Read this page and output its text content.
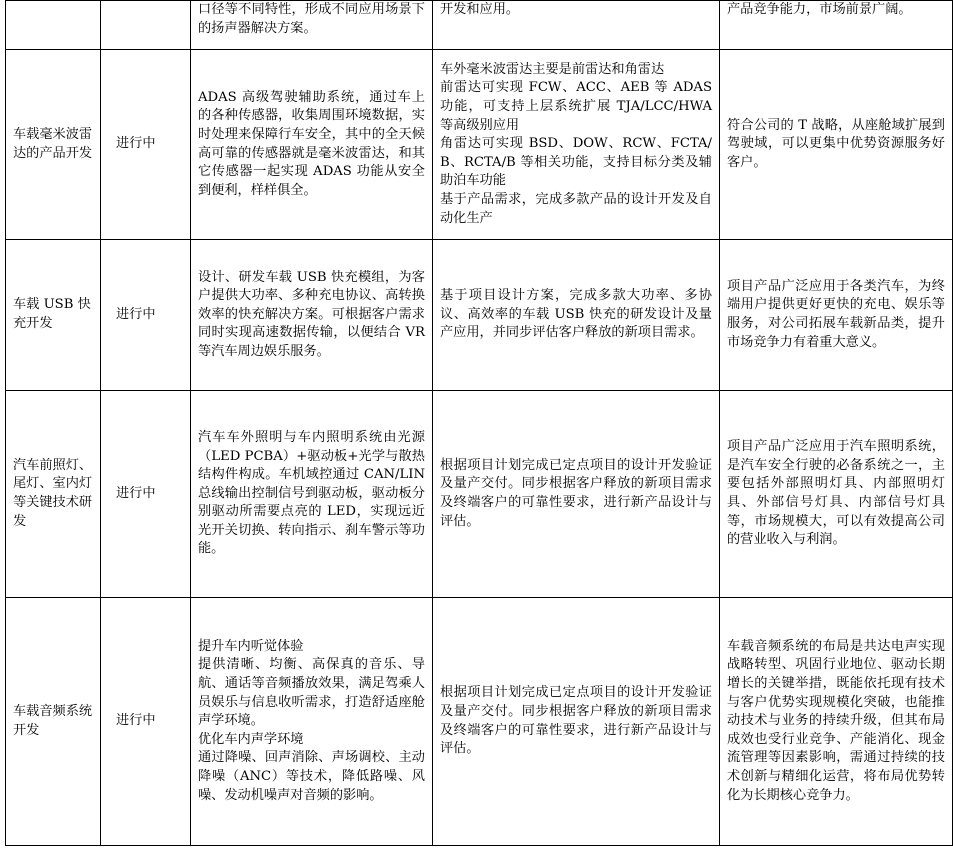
		口径等不同特性，形成不同应用场景下的扬声器解决方案。	开发和应用。	产品竞争能力，市场前景广阔。

车载毫米波雷达的产品开发	进行中	ADAS 高级驾驶辅助系统，通过车上的各种传感器，收集周围环境数据，实时处理来保障行车安全，其中的全天候高可靠的传感器就是毫米波雷达，和其它传感器一起实现 ADAS 功能从安全到便利，样样俱全。	车外毫米波雷达主要是前雷达和角雷达
前雷达可实现 FCW、ACC、AEB 等 ADAS 功能，可支持上层系统扩展 TJA/LCC/HWA 等高级别应用
角雷达可实现 BSD、DOW、RCW、FCTA/B、RCTA/B 等相关功能，支持目标分类及辅助泊车功能
基于产品需求，完成多款产品的设计开发及自动化生产	符合公司的 T 战略，从座舱域扩展到驾驶域，可以更集中优势资源服务好客户。

车载 USB 快充开发	进行中	设计、研发车载 USB 快充模组，为客户提供大功率、多种充电协议、高转换效率的快充解决方案。可根据客户需求同时实现高速数据传输，以便结合 VR 等汽车周边娱乐服务。	基于项目设计方案，完成多款大功率、多协议、高效率的车载 USB 快充的研发设计及量产应用，并同步评估客户释放的新项目需求。	项目产品广泛应用于各类汽车，为终端用户提供更好更快的充电、娱乐等服务，对公司拓展车载新品类，提升市场竞争力有着重大意义。

汽车前照灯、尾灯、室内灯等关键技术研发	进行中	汽车车外照明与车内照明系统由光源（LED PCBA）+驱动板+光学与散热结构件构成。车机域控通过 CAN/LIN 总线输出控制信号到驱动板，驱动板分别驱动所需要点亮的 LED，实现远近光开关切换、转向指示、刹车警示等功能。	根据项目计划完成已定点项目的设计开发验证及量产交付。同步根据客户释放的新项目需求及终端客户的可靠性要求，进行新产品设计与评估。	项目产品广泛应用于汽车照明系统，是汽车安全行驶的必备系统之一，主要包括外部照明灯具、内部照明灯具、外部信号灯具、内部信号灯具等，市场规模大，可以有效提高公司的营业收入与利润。

车载音频系统开发	进行中	提升车内听觉体验
提供清晰、均衡、高保真的音乐、导航、通话等音频播放效果，满足驾乘人员娱乐与信息收听需求，打造舒适座舱声学环境。
优化车内声学环境
通过降噪、回声消除、声场调校、主动降噪（ANC）等技术，降低路噪、风噪、发动机噪声对音频的影响。	根据项目计划完成已定点项目的设计开发验证及量产交付。同步根据客户释放的新项目需求及终端客户的可靠性要求，进行新产品设计与评估。	车载音频系统的布局是共达电声实现战略转型、巩固行业地位、驱动长期增长的关键举措，既能依托现有技术与客户优势实现规模化突破，也能推动技术与业务的持续升级，但其布局成效也受行业竞争、产能消化、现金流管理等因素影响，需通过持续的技术创新与精细化运营，将布局优势转化为长期核心竞争力。
